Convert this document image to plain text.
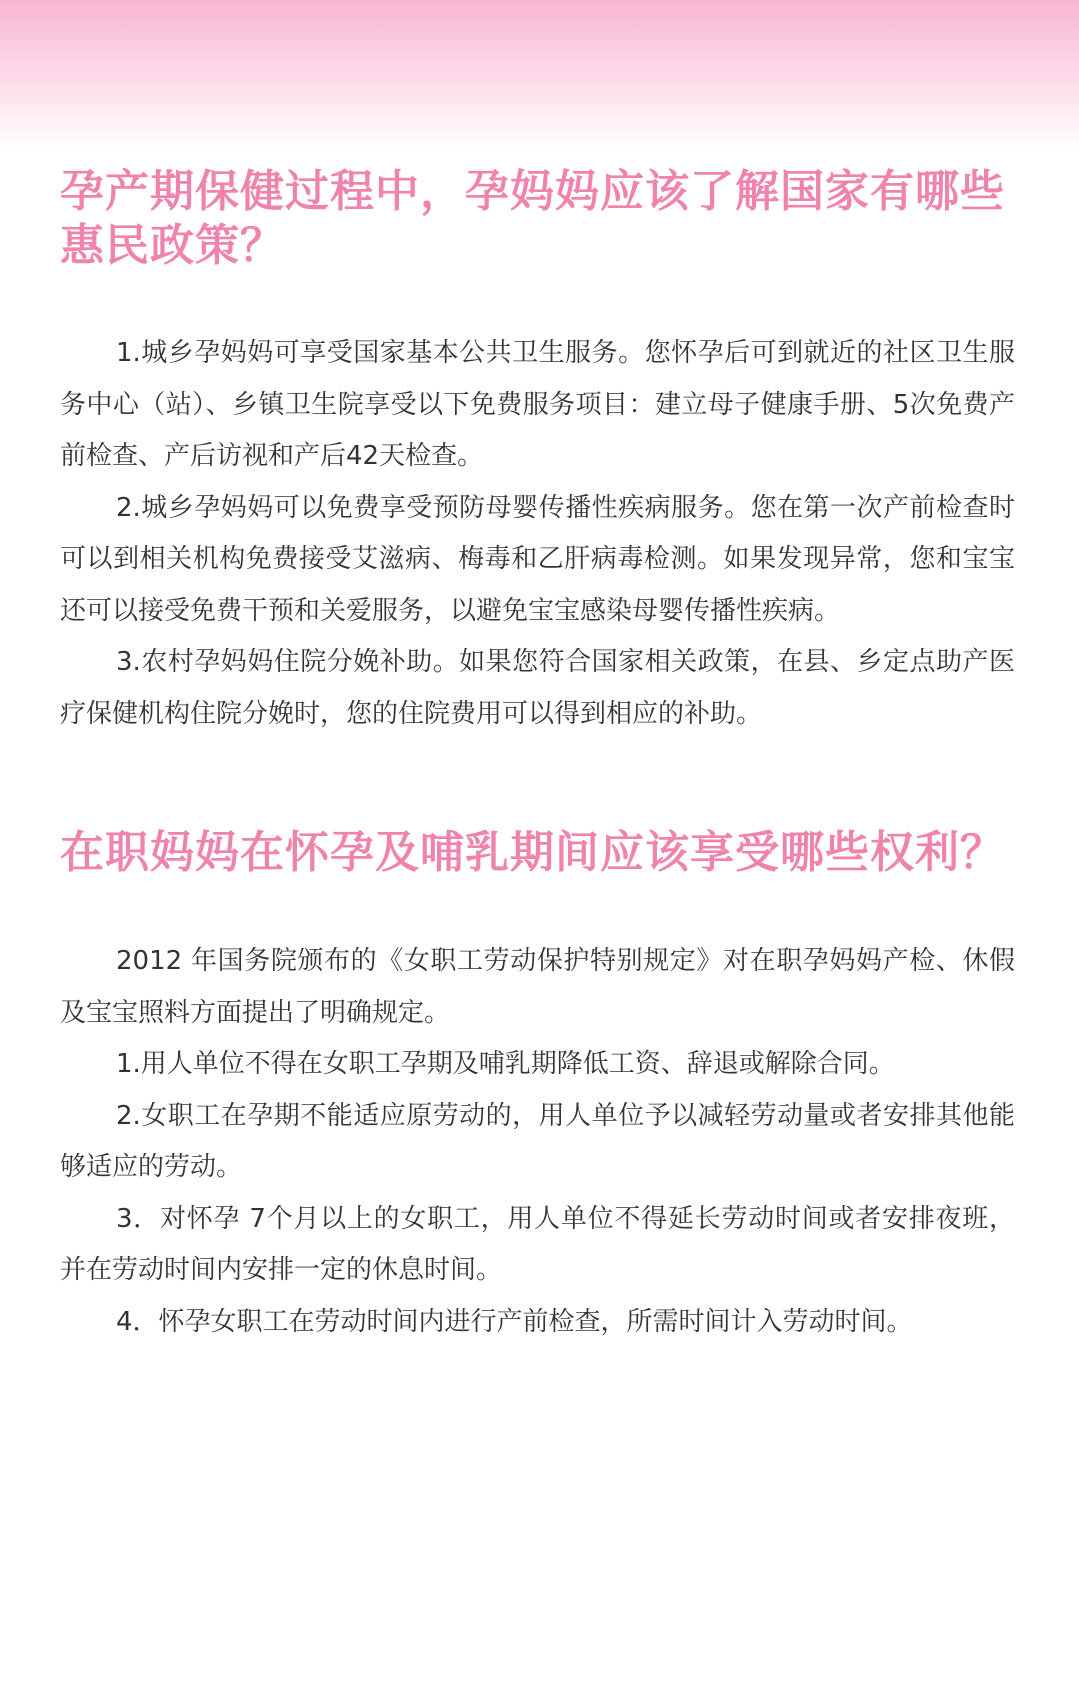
孕产期保健过程中，孕妈妈应该了解国家有哪些惠民政策？

1.城乡孕妈妈可享受国家基本公共卫生服务。您怀孕后可到就近的社区卫生服务中心（站）、乡镇卫生院享受以下免费服务项目：建立母子健康手册、5次免费产前检查、产后访视和产后42天检查。

2.城乡孕妈妈可以免费享受预防母婴传播性疾病服务。您在第一次产前检查时可以到相关机构免费接受艾滋病、梅毒和乙肝病毒检测。如果发现异常，您和宝宝还可以接受免费干预和关爱服务，以避免宝宝感染母婴传播性疾病。

3.农村孕妈妈住院分娩补助。如果您符合国家相关政策，在县、乡定点助产医疗保健机构住院分娩时，您的住院费用可以得到相应的补助。

在职妈妈在怀孕及哺乳期间应该享受哪些权利？

2012 年国务院颁布的《女职工劳动保护特别规定》对在职孕妈妈产检、休假及宝宝照料方面提出了明确规定。

1.用人单位不得在女职工孕期及哺乳期降低工资、辞退或解除合同。

2.女职工在孕期不能适应原劳动的，用人单位予以减轻劳动量或者安排其他能够适应的劳动。

3．对怀孕 7个月以上的女职工，用人单位不得延长劳动时间或者安排夜班，并在劳动时间内安排一定的休息时间。

4．怀孕女职工在劳动时间内进行产前检查，所需时间计入劳动时间。
